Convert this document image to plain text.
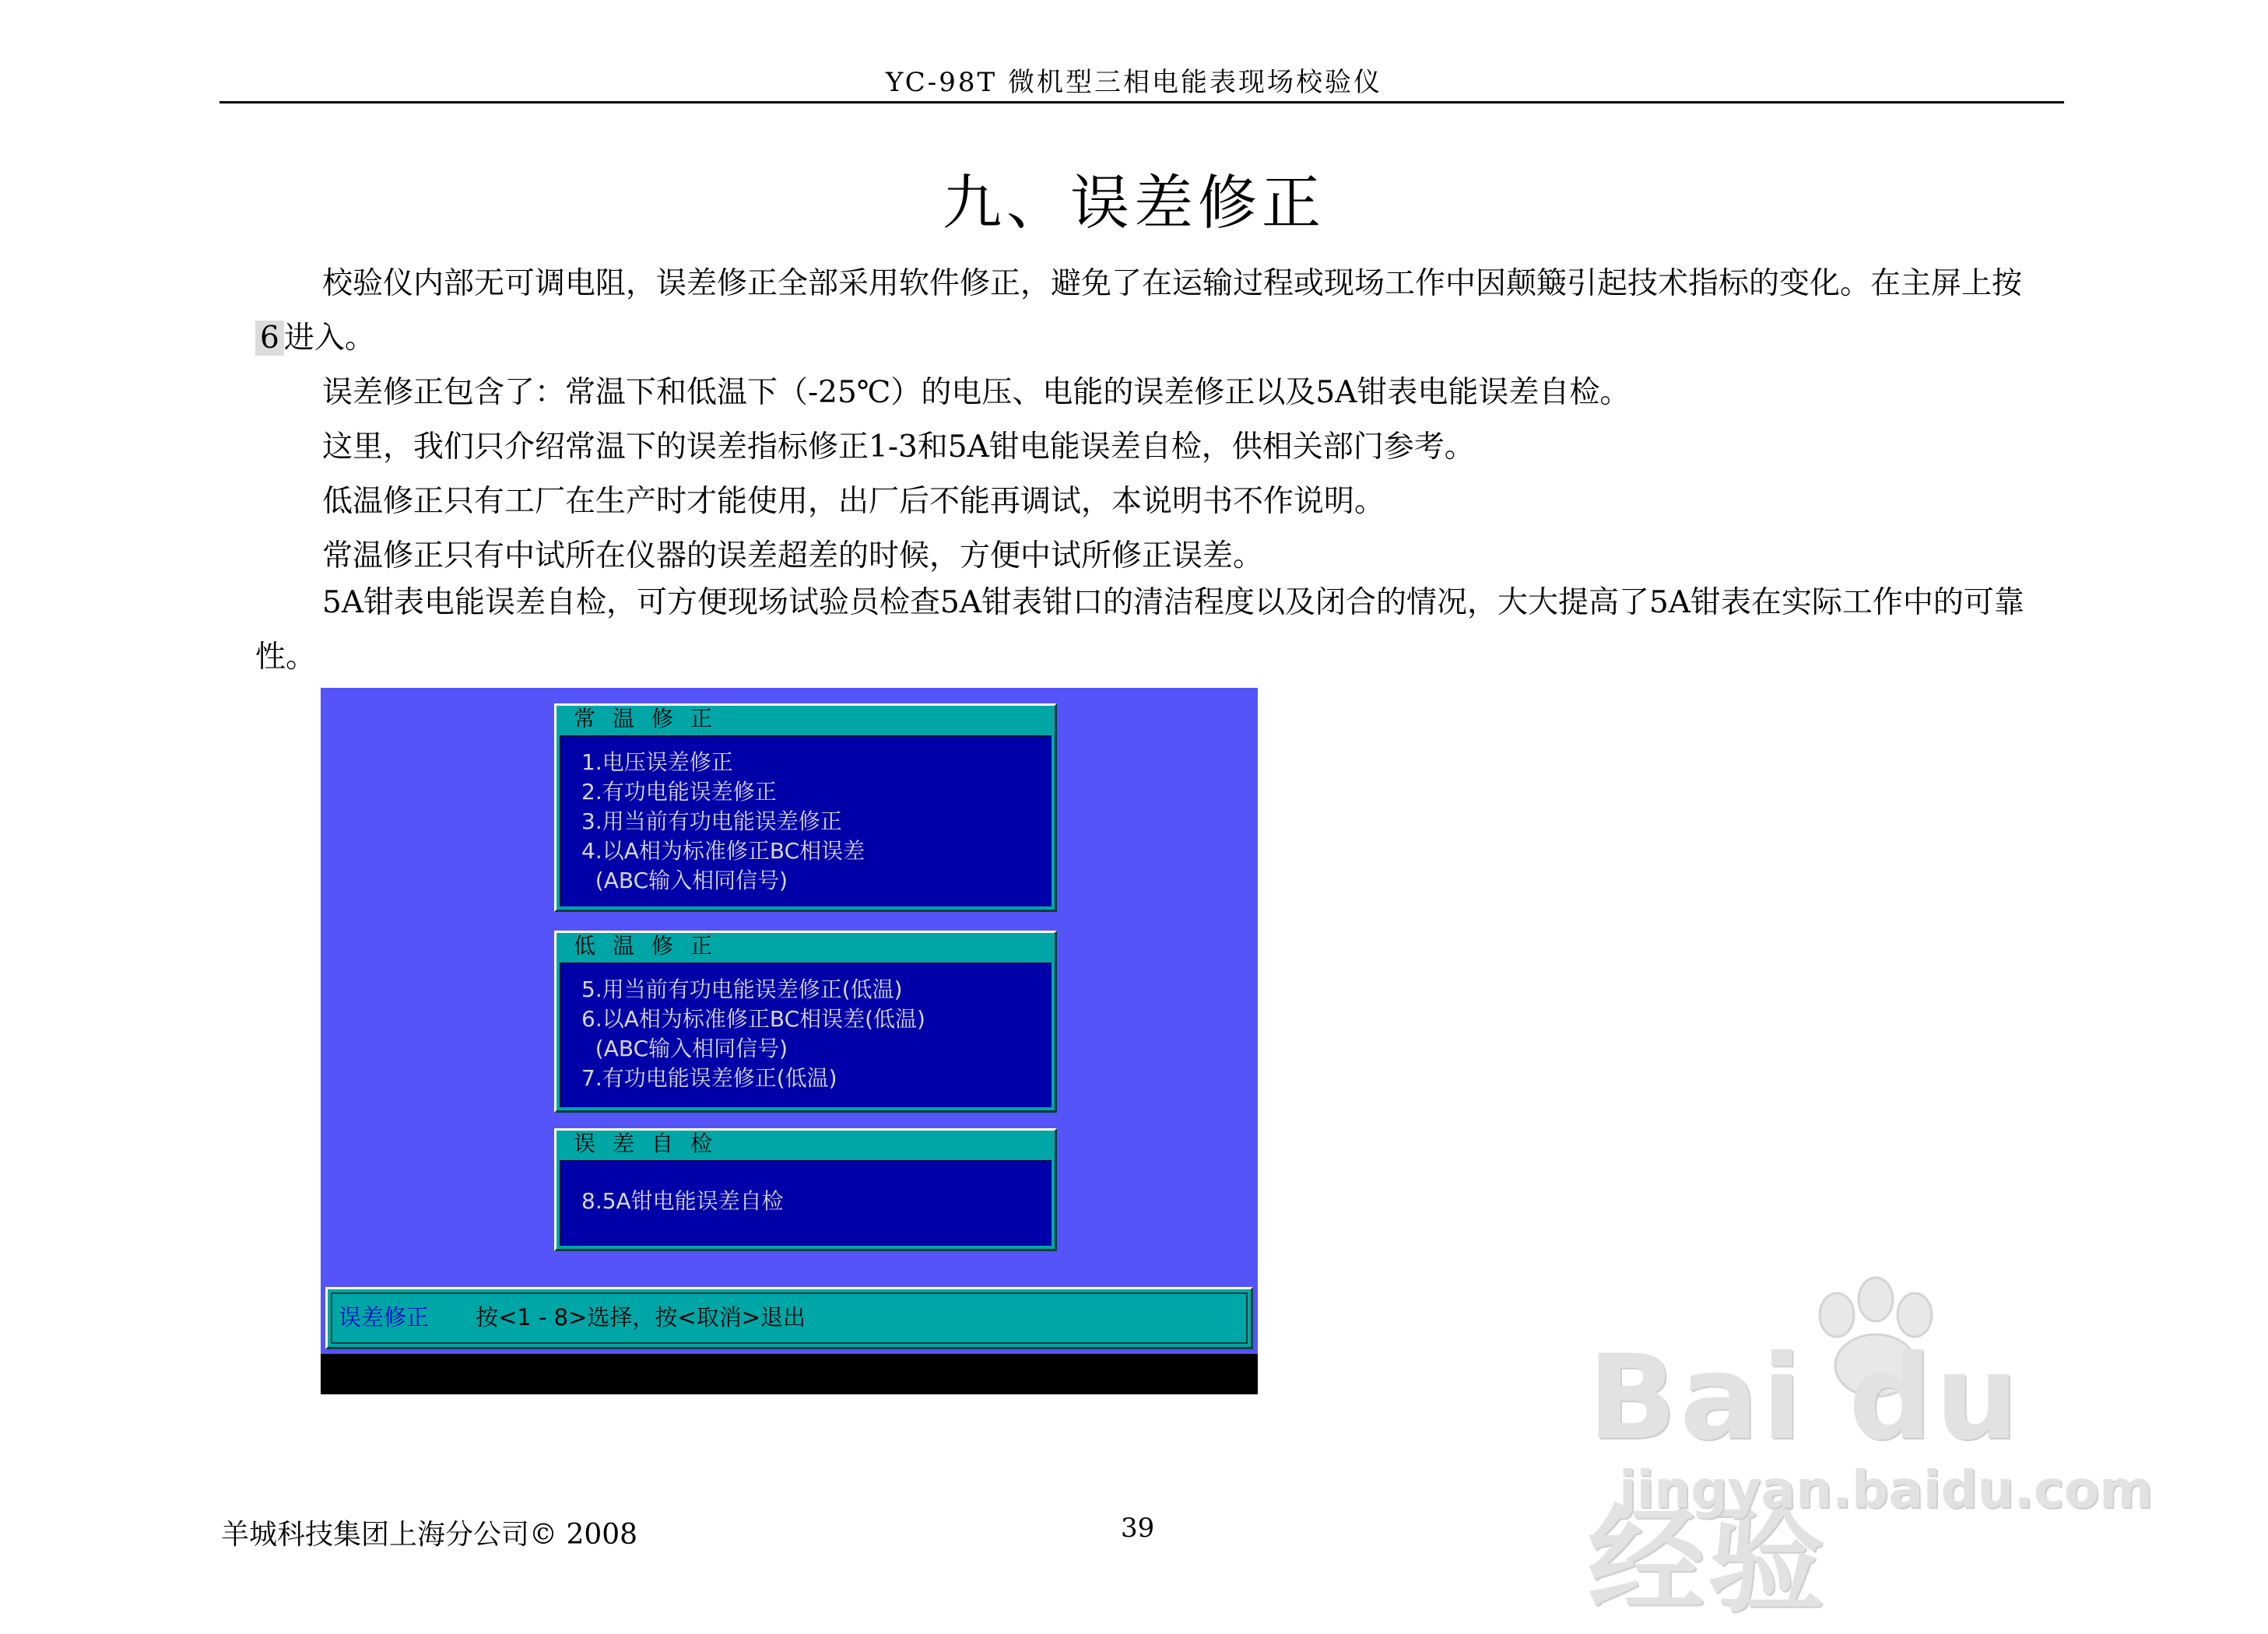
YC-98T 微机型三相电能表现场校验仪
九、误差修正
校验仪内部无可调电阻，误差修正全部采用软件修正，避免了在运输过程或现场工作中因颠簸引起技术指标的变化。在主屏上按6 进入。
误差修正包含了：常温下和低温下（-25℃）的电压、电能的误差修正以及5A钳表电能误差自检。
这里，我们只介绍常温下的误差指标修正1-3和5A钳电能误差自检，供相关部门参考。
低温修正只有工厂在生产时才能使用，出厂后不能再调试，本说明书不作说明。
常温修正只有中试所在仪器的误差超差的时候，方便中试所修正误差。
5A钳表电能误差自检，可方便现场试验员检查5A钳表钳口的清洁程度以及闭合的情况，大大提高了5A钳表在实际工作中的可靠性。
常温修正
1.电压误差修正
2.有功电能误差修正
3.用当前有功电能误差修正
4.以A相为标准修正BC相误差
(ABC输入相同信号)
低温修正
5.用当前有功电能误差修正(低温)
6.以A相为标准修正BC相误差(低温)
(ABC输入相同信号)
7.有功电能误差修正(低温)
误差自检
8.5A钳电能误差自检
误差修正 按<1 - 8>选择，按<取消>退出
羊城科技集团上海分公司© 2008	39
Bai du 经验
jingyan.baidu.com
